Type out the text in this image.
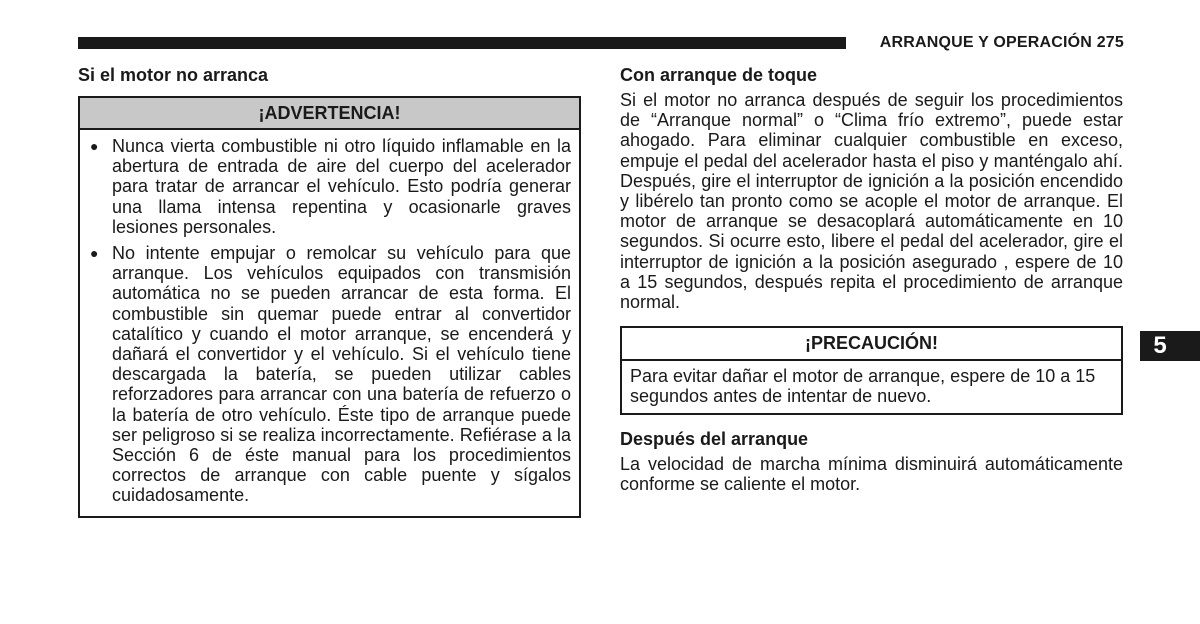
ARRANQUE Y OPERACIÓN 275
Si el motor no arranca
¡ADVERTENCIA!
● Nunca vierta combustible ni otro líquido inflamable en la abertura de entrada de aire del cuerpo del acelerador para tratar de arrancar el vehículo. Esto podría generar una llama intensa repentina y ocasionarle graves lesiones personales.
● No intente empujar o remolcar su vehículo para que arranque. Los vehículos equipados con transmisión automática no se pueden arrancar de esta forma. El combustible sin quemar puede entrar al convertidor catalítico y cuando el motor arranque, se encenderá y dañará el convertidor y el vehículo. Si el vehículo tiene descargada la batería, se pueden utilizar cables reforzadores para arrancar con una batería de refuerzo o la batería de otro vehículo. Éste tipo de arranque puede ser peligroso si se realiza incorrectamente. Refiérase a la Sección 6 de éste manual para los procedimientos correctos de arranque con cable puente y sígalos cuidadosamente.
Con arranque de toque

Si el motor no arranca después de seguir los procedimientos de “Arranque normal” o “Clima frío extremo”, puede estar ahogado. Para eliminar cualquier combustible en exceso, empuje el pedal del acelerador hasta el piso y manténgalo ahí. Después, gire el interruptor de ignición a la posición encendido y libérelo tan pronto como se acople el motor de arranque. El motor de arranque se desacoplará automáticamente en 10 segundos. Si ocurre esto, libere el pedal del acelerador, gire el interruptor de ignición a la posición asegurado , espere de 10 a 15 segundos, después repita el procedimiento de arranque normal.

¡PRECAUCIÓN!

Para evitar dañar el motor de arranque, espere de 10 a 15 segundos antes de intentar de nuevo.

Después del arranque

La velocidad de marcha mínima disminuirá automáticamente conforme se caliente el motor.

5
